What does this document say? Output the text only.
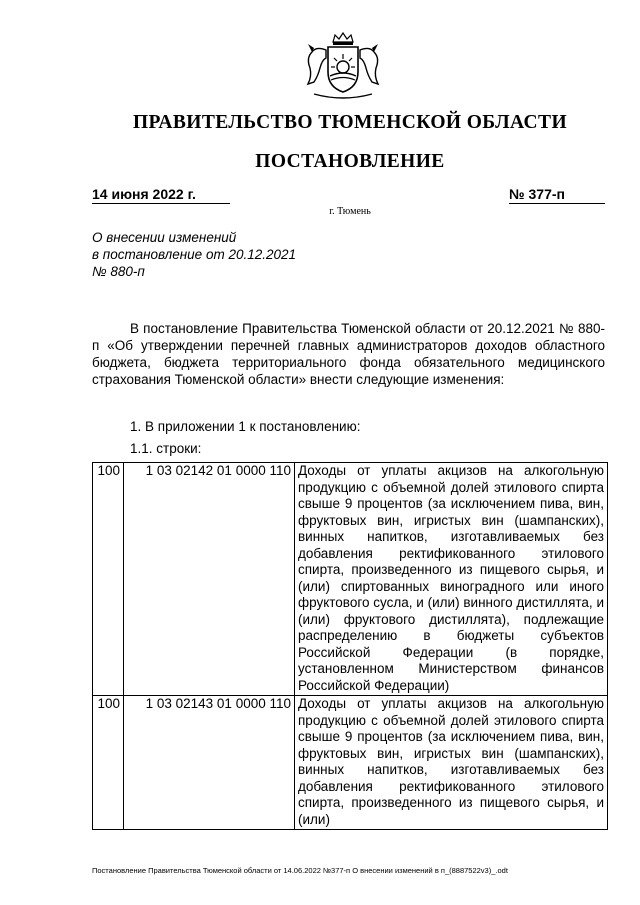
ПРАВИТЕЛЬСТВО ТЮМЕНСКОЙ ОБЛАСТИ
ПОСТАНОВЛЕНИЕ
14 июня 2022 г.	№ 377-п
г. Тюмень
О внесении изменений
в постановление от 20.12.2021
№ 880-п
В постановление Правительства Тюменской области от 20.12.2021 № 880-п «Об утверждении перечней главных администраторов доходов областного бюджета, бюджета территориального фонда обязательного медицинского страхования Тюменской области» внести следующие изменения:
1. В приложении 1 к постановлению:
1.1. строки:
100	1 03 02142 01 0000 110	Доходы от уплаты акцизов на алкогольную продукцию с объемной долей этилового спирта свыше 9 процентов (за исключением пива, вин, фруктовых вин, игристых вин (шампанских), винных напитков, изготавливаемых без добавления ректификованного этилового спирта, произведенного из пищевого сырья, и (или) спиртованных виноградного или иного фруктового сусла, и (или) винного дистиллята, и (или) фруктового дистиллята), подлежащие распределению в бюджеты субъектов Российской Федерации (в порядке, установленном Министерством финансов Российской Федерации)
100	1 03 02143 01 0000 110	Доходы от уплаты акцизов на алкогольную продукцию с объемной долей этилового спирта свыше 9 процентов (за исключением пива, вин, фруктовых вин, игристых вин (шампанских), винных напитков, изготавливаемых без добавления ректификованного этилового спирта, произведенного из пищевого сырья, и (или)
Постановление Правительства Тюменской области от 14.06.2022 №377-п О внесении изменений в п_(8887522v3)_.odt
